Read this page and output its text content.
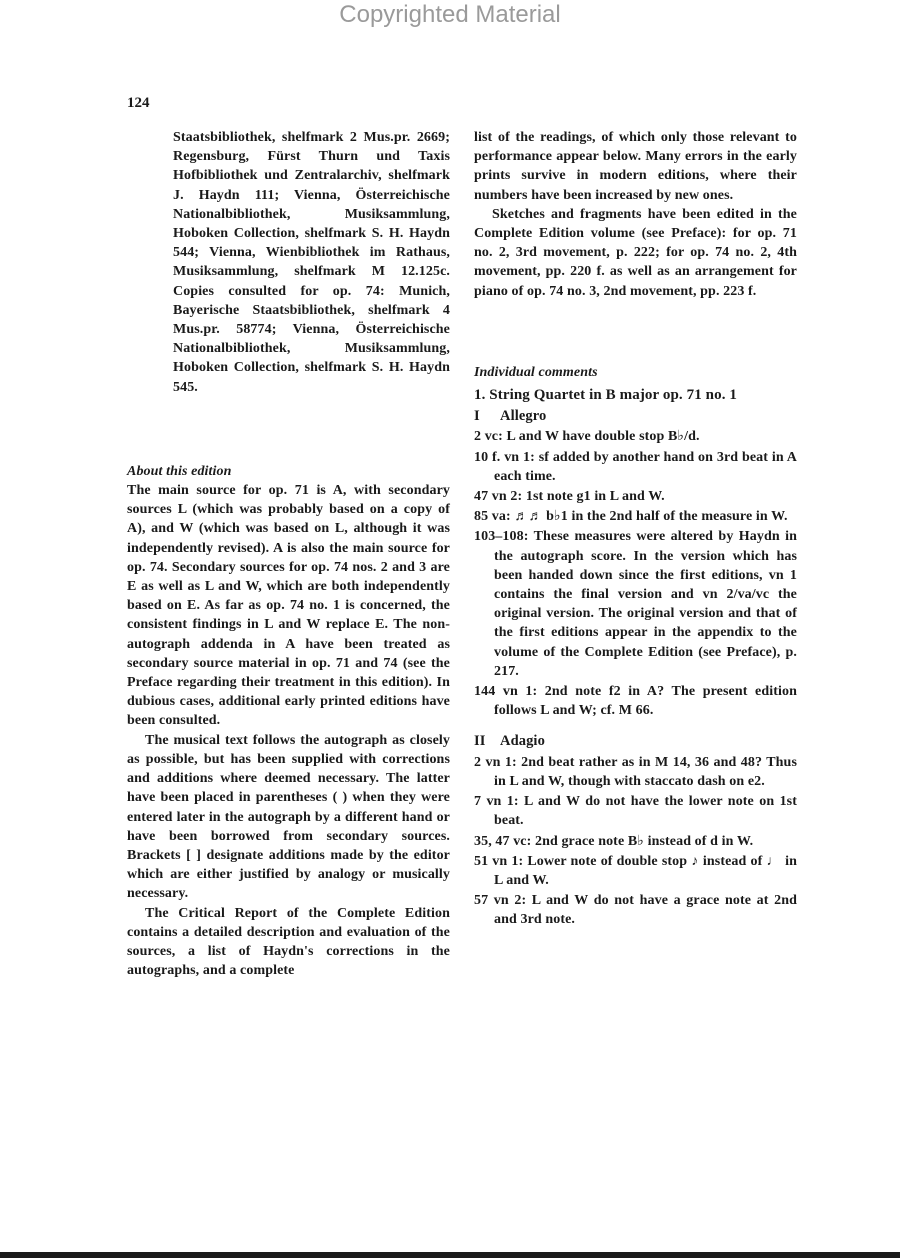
Copyrighted Material
124

Staatsbibliothek, shelfmark 2 Mus.pr. 2669; Regensburg, Fürst Thurn und Taxis Hofbibliothek und Zentralarchiv, shelfmark J. Haydn 111; Vienna, Österreichische Nationalbibliothek, Musiksammlung, Hoboken Collection, shelfmark S. H. Haydn 544; Vienna, Wienbibliothek im Rathaus, Musiksammlung, shelfmark M 12.125c. Copies consulted for op. 74: Munich, Bayerische Staatsbibliothek, shelfmark 4 Mus.pr. 58774; Vienna, Österreichische Nationalbibliothek, Musiksammlung, Hoboken Collection, shelfmark S. H. Haydn 545.

About this edition

The main source for op. 71 is A, with secondary sources L (which was probably based on a copy of A), and W (which was based on L, although it was independently revised). A is also the main source for op. 74. Secondary sources for op. 74 nos. 2 and 3 are E as well as L and W, which are both independently based on E. As far as op. 74 no. 1 is concerned, the consistent findings in L and W replace E. The non-autograph addenda in A have been treated as secondary source material in op. 71 and 74 (see the Preface regarding their treatment in this edition). In dubious cases, additional early printed editions have been consulted.

The musical text follows the autograph as closely as possible, but has been supplied with corrections and additions where deemed necessary. The latter have been placed in parentheses ( ) when they were entered later in the autograph by a different hand or have been borrowed from secondary sources. Brackets [ ] designate additions made by the editor which are either justified by analogy or musically necessary.

The Critical Report of the Complete Edition contains a detailed description and evaluation of the sources, a list of Haydn's corrections in the autographs, and a complete

list of the readings, of which only those relevant to performance appear below. Many errors in the early prints survive in modern editions, where their numbers have been increased by new ones.

Sketches and fragments have been edited in the Complete Edition volume (see Preface): for op. 71 no. 2, 3rd movement, p. 222; for op. 74 no. 2, 4th movement, pp. 220 f. as well as an arrangement for piano of op. 74 no. 3, 2nd movement, pp. 223 f.

Individual comments

1. String Quartet in B major op. 71 no. 1

I Allegro

2 vc: L and W have double stop B♭/d.

10 f. vn 1: sf added by another hand on 3rd beat in A each time.

47 vn 2: 1st note g1 in L and W.

85 va: ♬♬ b♭1 in the 2nd half of the measure in W.

103–108: These measures were altered by Haydn in the autograph score. In the version which has been handed down since the first editions, vn 1 contains the final version and vn 2/va/vc the original version. The original version and that of the first editions appear in the appendix to the volume of the Complete Edition (see Preface), p. 217.

144 vn 1: 2nd note f2 in A? The present edition follows L and W; cf. M 66.

II Adagio

2 vn 1: 2nd beat rather as in M 14, 36 and 48? Thus in L and W, though with staccato dash on e2.

7 vn 1: L and W do not have the lower note on 1st beat.

35, 47 vc: 2nd grace note B♭ instead of d in W.

51 vn 1: Lower note of double stop ♪ instead of ♩ in L and W.

57 vn 2: L and W do not have a grace note at 2nd and 3rd note.
